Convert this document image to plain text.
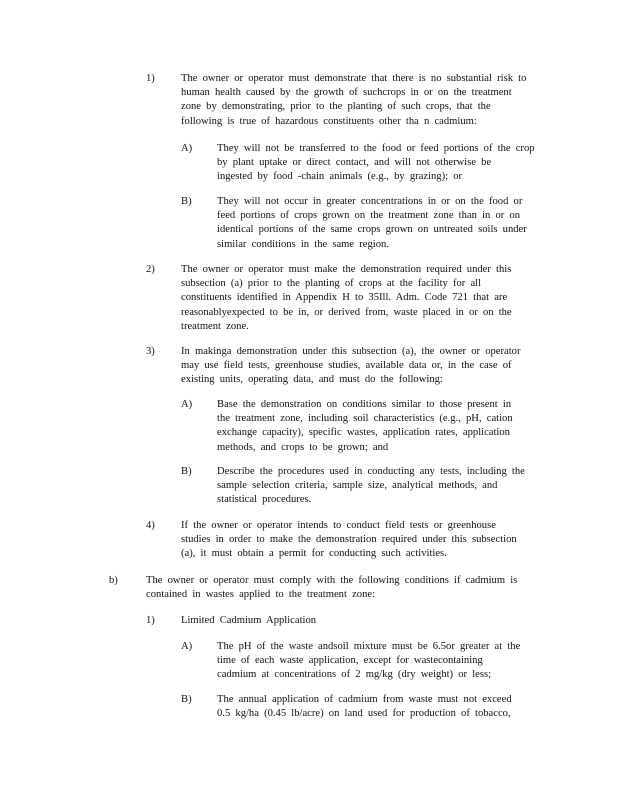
1) The owner or operator must demonstrate that there is no substantial risk to
human health caused by the growth of suchcrops in or on the treatment
zone by demonstrating, prior to the planting of such crops, that the
following is true of hazardous constituents other tha n cadmium:
A) They will not be transferred to the food or feed portions of the crop
by plant uptake or direct contact, and will not otherwise be
ingested by food -chain animals (e.g., by grazing); or
B) They will not occur in greater concentrations in or on the food or
feed portions of crops grown on the treatment zone than in or on
identical portions of the same crops grown on untreated soils under
similar conditions in the same region.
2) The owner or operator must make the demonstration required under this
subsection (a) prior to the planting of crops at the facility for all
constituents identified in Appendix H to 35Ill. Adm. Code 721 that are
reasonablyexpected to be in, or derived from, waste placed in or on the
treatment zone.
3) In makinga demonstration under this subsection (a), the owner or operator
may use field tests, greenhouse studies, available data or, in the case of
existing units, operating data, and must do the following:
A) Base the demonstration on conditions similar to those present in
the treatment zone, including soil characteristics (e.g., pH, cation
exchange capacity), specific wastes, application rates, application
methods, and crops to be grown; and
B) Describe the procedures used in conducting any tests, including the
sample selection criteria, sample size, analytical methods, and
statistical procedures.
4) If the owner or operator intends to conduct field tests or greenhouse
studies in order to make the demonstration required under this subsection
(a), it must obtain a permit for conducting such activities.
b)	The owner or operator must comply with the following conditions if cadmium is
contained in wastes applied to the treatment zone:
1) Limited Cadmium Application
A) The pH of the waste andsoil mixture must be 6.5or greater at the
time of each waste application, except for wastecontaining
cadmium at concentrations of 2 mg/kg (dry weight) or less;
B) The annual application of cadmium from waste must not exceed
0.5 kg/ha (0.45 lb/acre) on land used for production of tobacco,
